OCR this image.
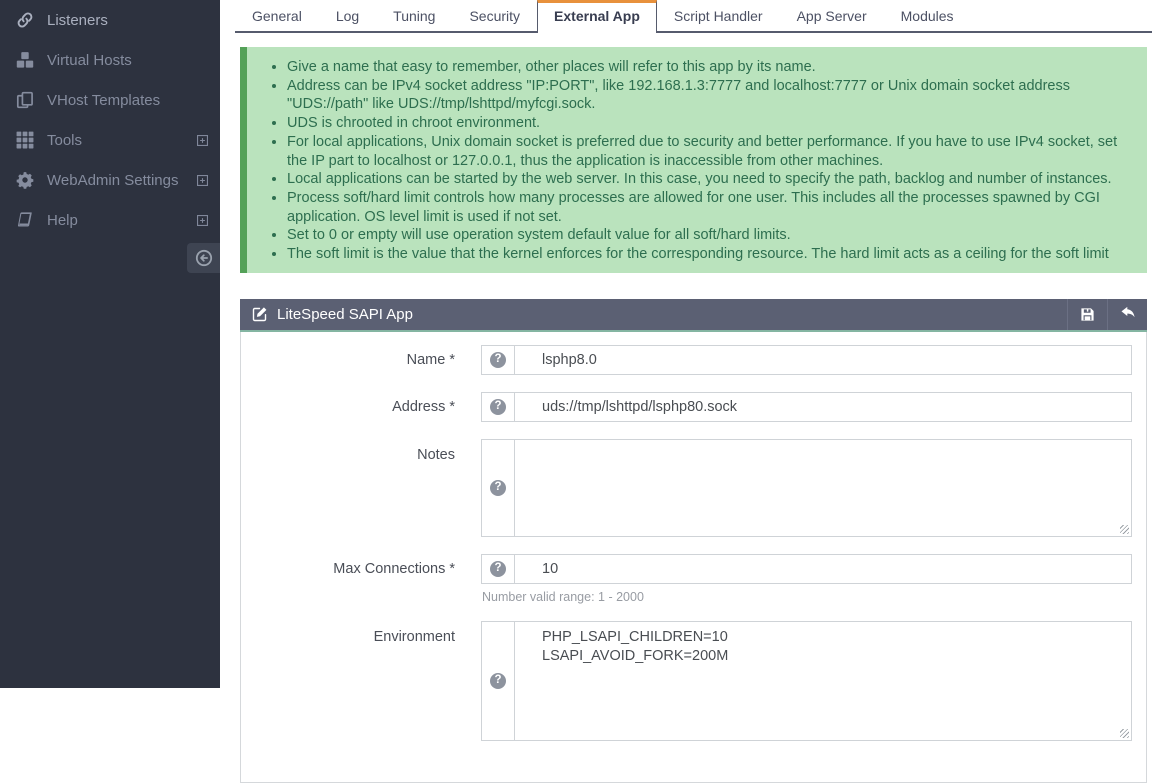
Listeners
Virtual Hosts
VHost Templates
Tools
WebAdmin Settings
Help
General	Log	Tuning	Security	External App	Script Handler	App Server	Modules
• Give a name that easy to remember, other places will refer to this app by its name.
• Address can be IPv4 socket address "IP:PORT", like 192.168.1.3:7777 and localhost:7777 or Unix domain socket address "UDS://path" like UDS://tmp/lshttpd/myfcgi.sock.
• UDS is chrooted in chroot environment.
• For local applications, Unix domain socket is preferred due to security and better performance. If you have to use IPv4 socket, set the IP part to localhost or 127.0.0.1, thus the application is inaccessible from other machines.
• Local applications can be started by the web server. In this case, you need to specify the path, backlog and number of instances.
• Process soft/hard limit controls how many processes are allowed for one user. This includes all the processes spawned by CGI application. OS level limit is used if not set.
• Set to 0 or empty will use operation system default value for all soft/hard limits.
• The soft limit is the value that the kernel enforces for the corresponding resource. The hard limit acts as a ceiling for the soft limit
LiteSpeed SAPI App
Name *	?
lsphp8.0
Address *	?
uds://tmp/lshttpd/lsphp80.sock
Notes
?
Max Connections *	?
10
Number valid range: 1 - 2000
Environment
?
PHP_LSAPI_CHILDREN=10 LSAPI_AVOID_FORK=200M
